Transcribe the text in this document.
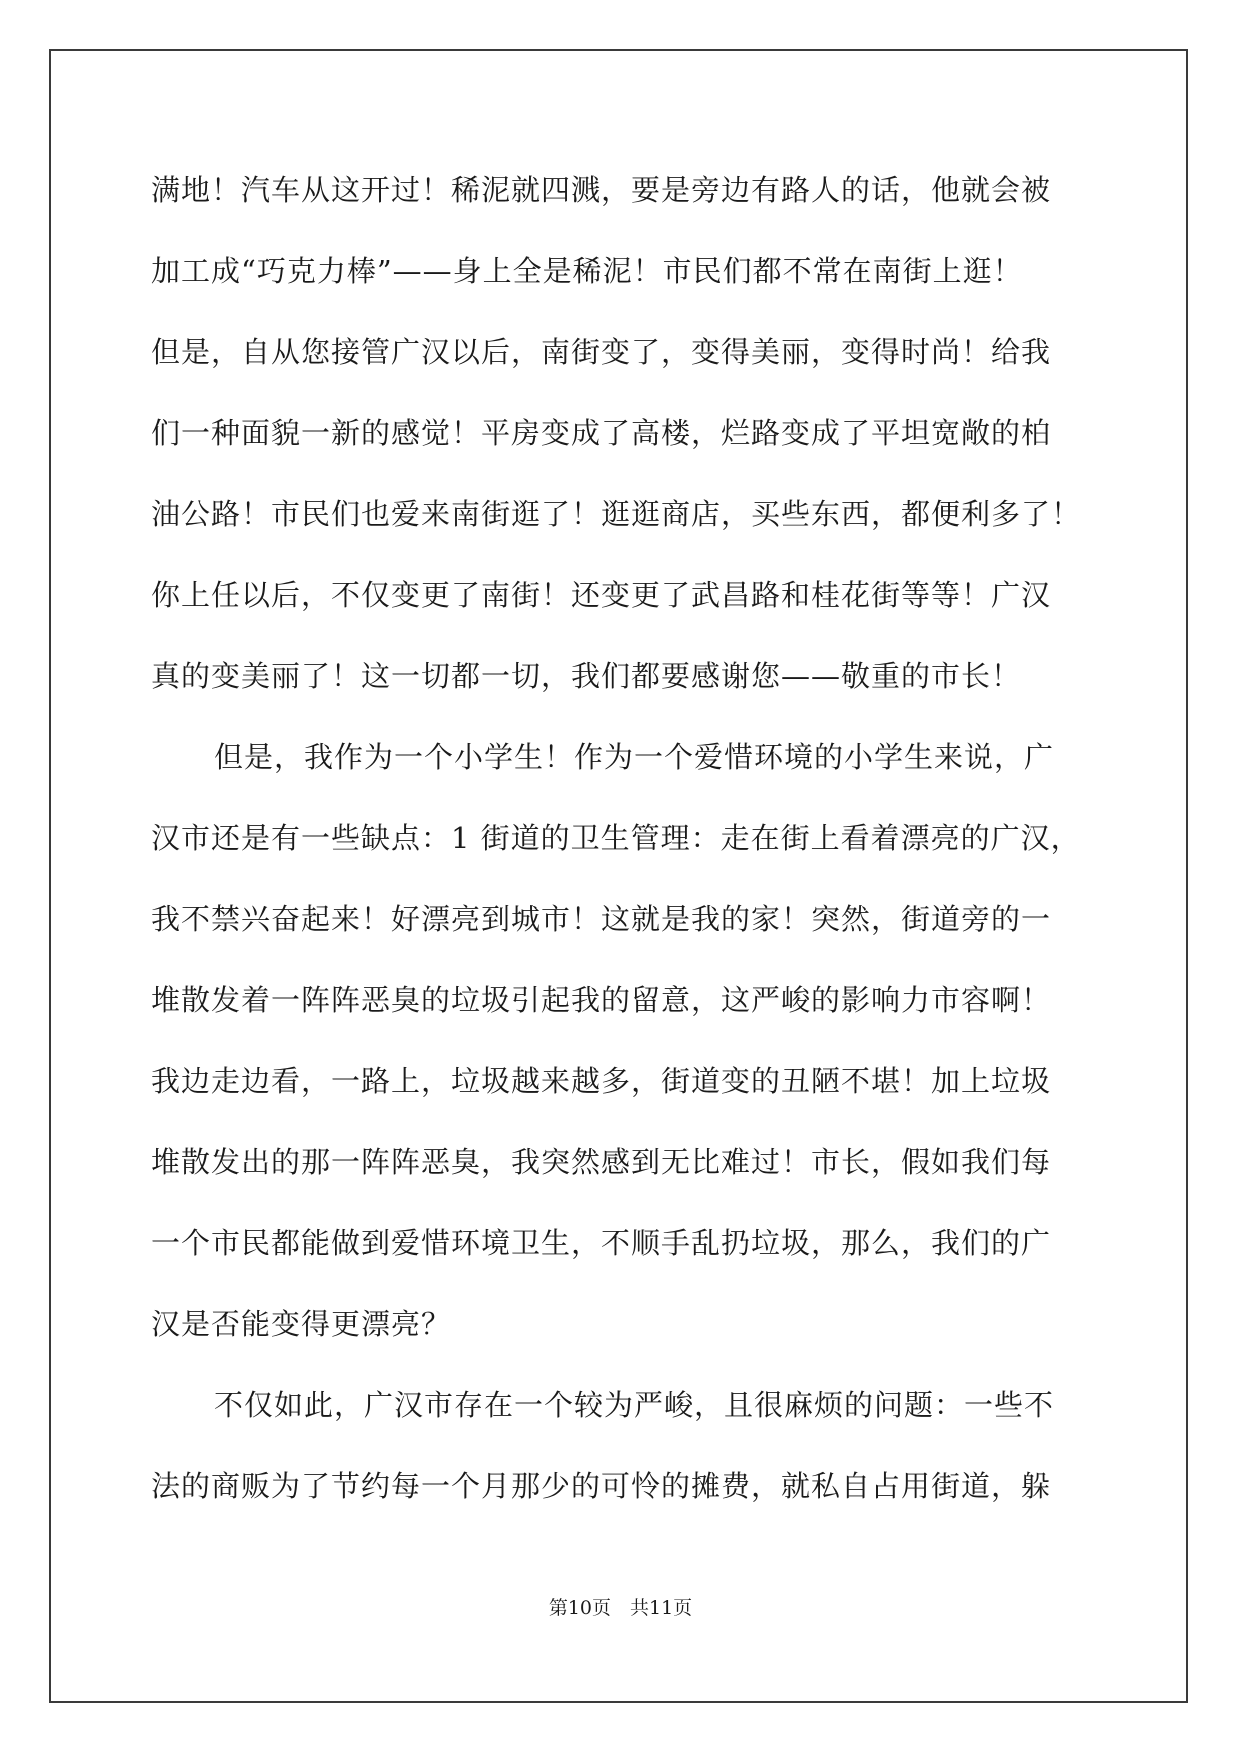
满地！汽车从这开过！稀泥就四溅，要是旁边有路人的话，他就会被
加工成“巧克力棒”——身上全是稀泥！市民们都不常在南街上逛！
但是，自从您接管广汉以后，南街变了，变得美丽，变得时尚！给我
们一种面貌一新的感觉！平房变成了高楼，烂路变成了平坦宽敞的柏
油公路！市民们也爱来南街逛了！逛逛商店，买些东西，都便利多了！
你上任以后，不仅变更了南街！还变更了武昌路和桂花街等等！广汉
真的变美丽了！这一切都一切，我们都要感谢您——敬重的市长！
但是，我作为一个小学生！作为一个爱惜环境的小学生来说，广
汉市还是有一些缺点：1 街道的卫生管理：走在街上看着漂亮的广汉，
我不禁兴奋起来！好漂亮到城市！这就是我的家！突然，街道旁的一
堆散发着一阵阵恶臭的垃圾引起我的留意，这严峻的影响力市容啊！
我边走边看，一路上，垃圾越来越多，街道变的丑陋不堪！加上垃圾
堆散发出的那一阵阵恶臭，我突然感到无比难过！市长，假如我们每
一个市民都能做到爱惜环境卫生，不顺手乱扔垃圾，那么，我们的广
汉是否能变得更漂亮？
不仅如此，广汉市存在一个较为严峻，且很麻烦的问题：一些不
法的商贩为了节约每一个月那少的可怜的摊费，就私自占用街道，躲
第10页　共11页
